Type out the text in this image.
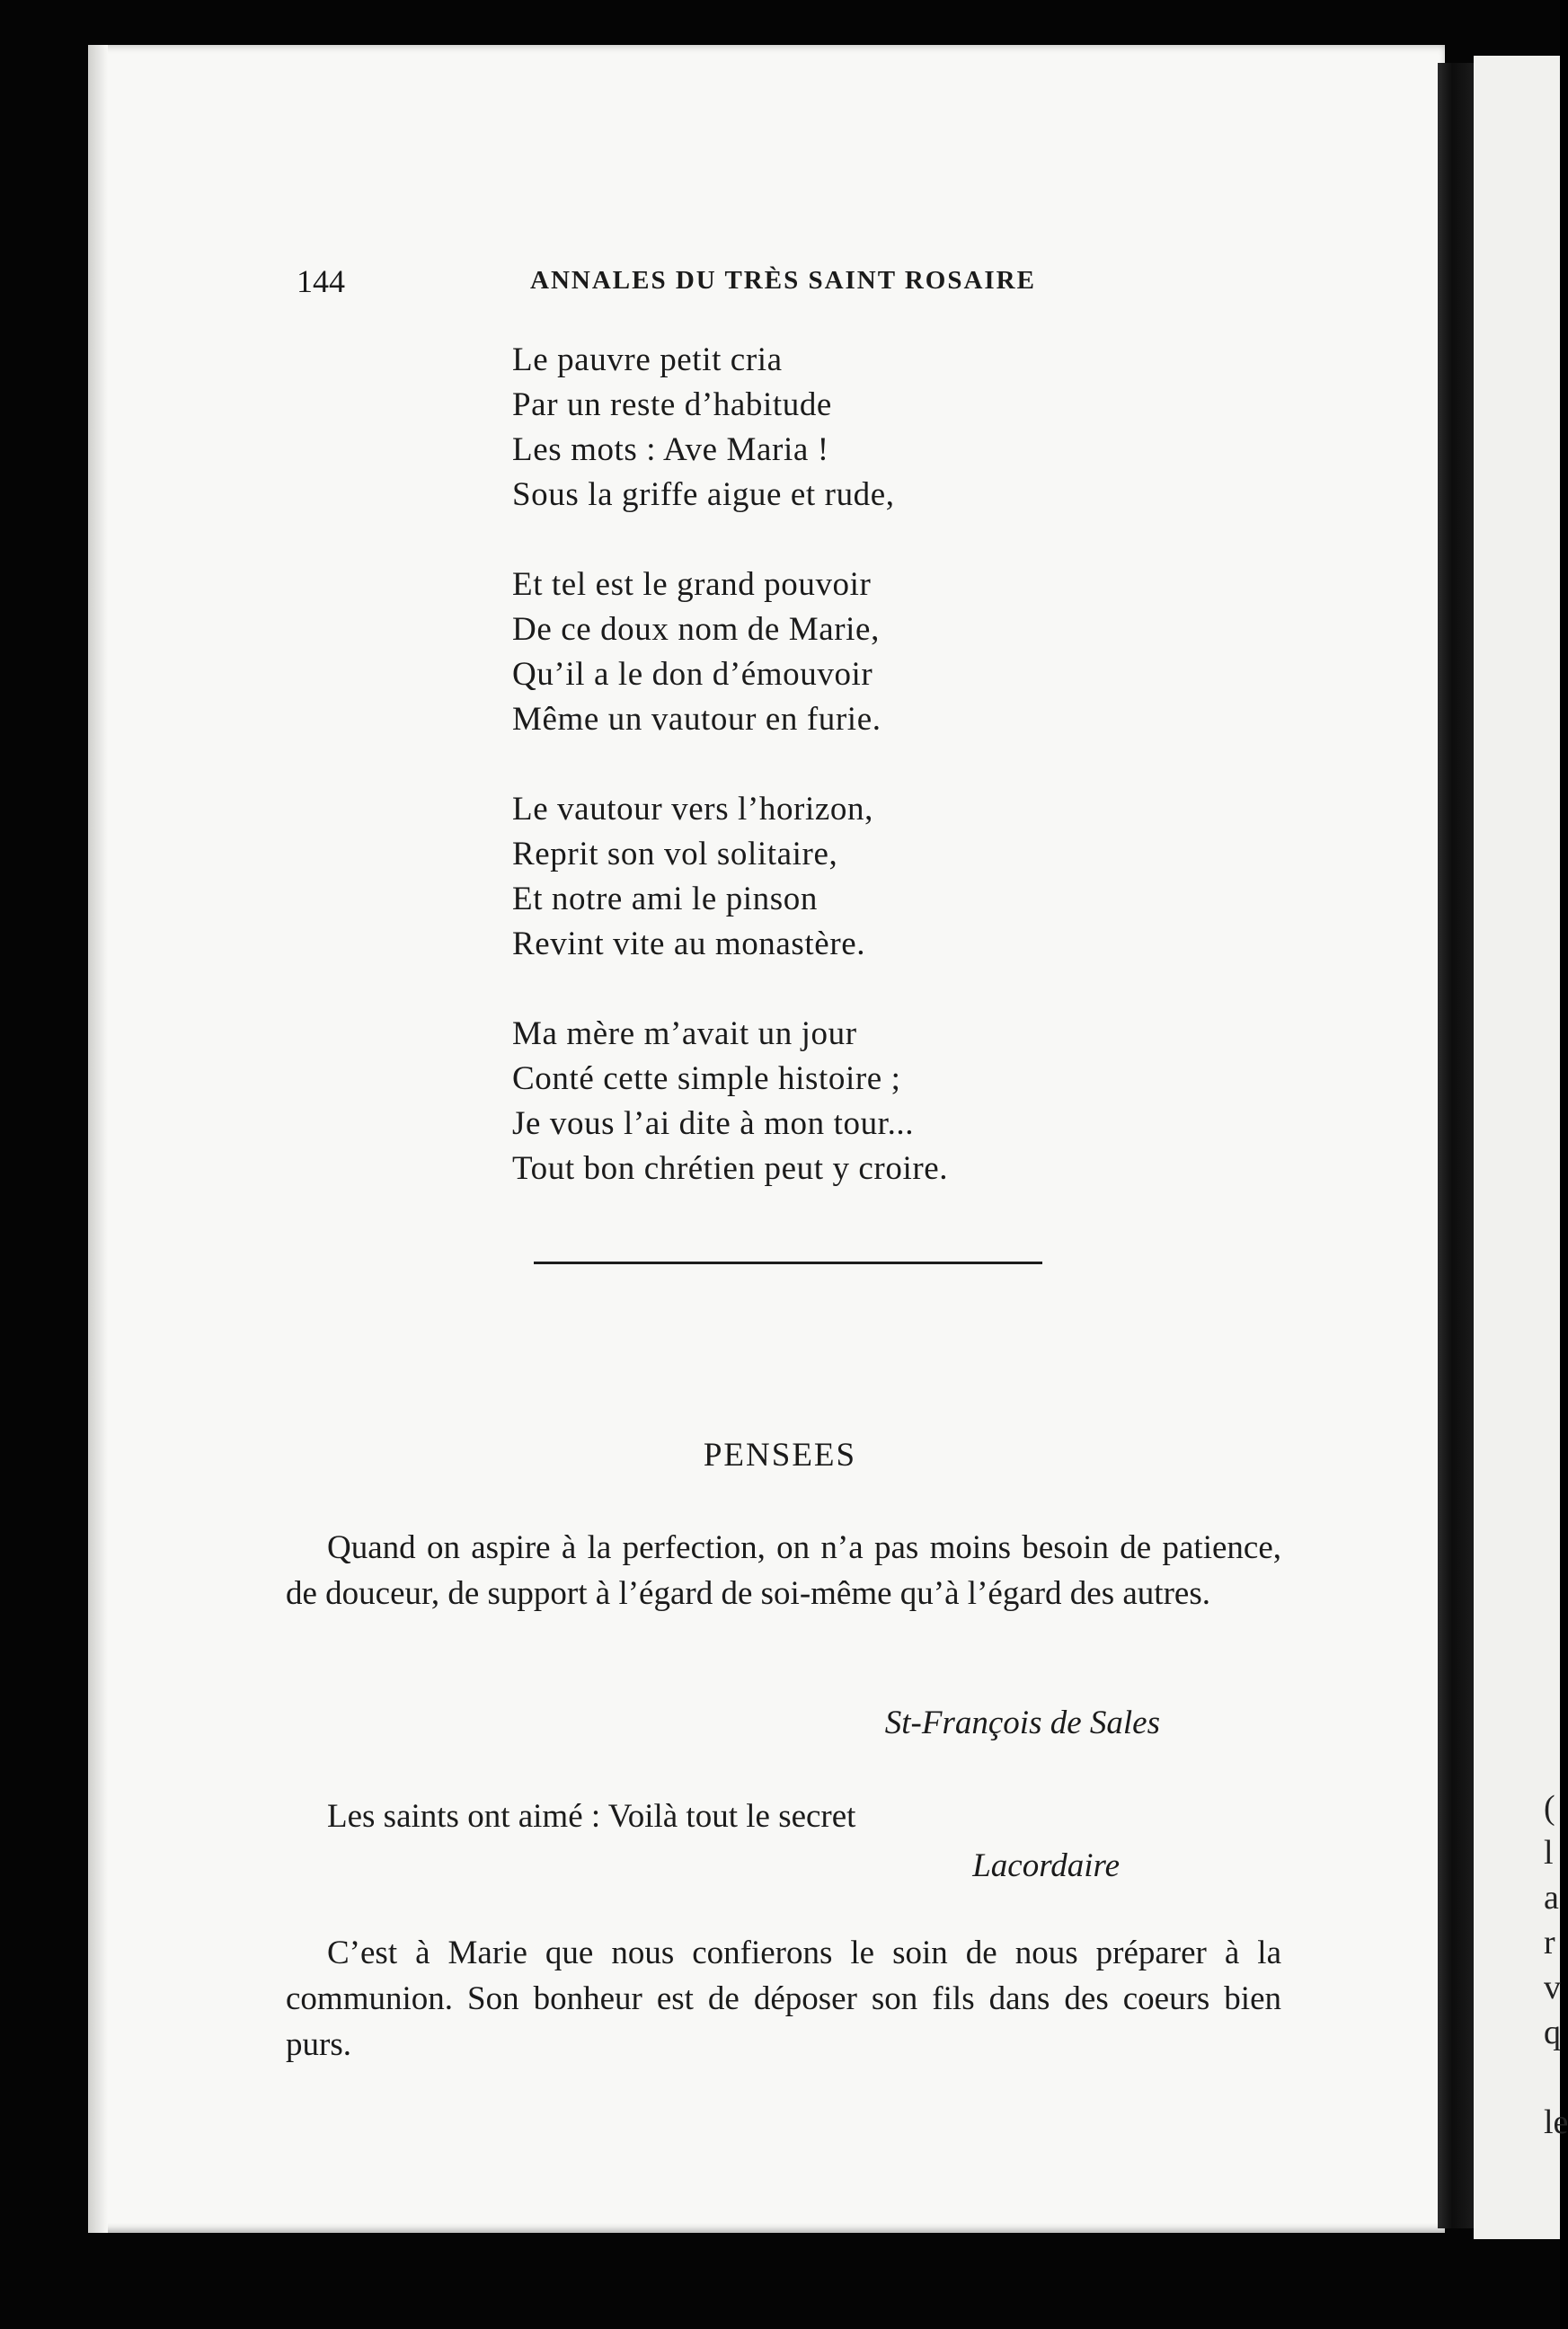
(
l
a
r
v
q

le
144	ANNALES DU TRÈS SAINT ROSAIRE
Le pauvre petit cria
Par un reste d’habitude
Les mots : Ave Maria !
Sous la griffe aigue et rude,
Et tel est le grand pouvoir
De ce doux nom de Marie,
Qu’il a le don d’émouvoir
Même un vautour en furie.
Le vautour vers l’horizon,
Reprit son vol solitaire,
Et notre ami le pinson
Revint vite au monastère.
Ma mère m’avait un jour
Conté cette simple histoire ;
Je vous l’ai dite à mon tour...
Tout bon chrétien peut y croire.
PENSEES

Quand on aspire à la perfection, on n’a pas moins besoin de patience, de douceur, de support à l’égard de soi-même qu’à l’égard des autres.

St-François de Sales
Les saints ont aimé : Voilà tout le secret
Lacordaire

C’est à Marie que nous confierons le soin de nous préparer à la communion. Son bonheur est de déposer son fils dans des coeurs bien purs.
